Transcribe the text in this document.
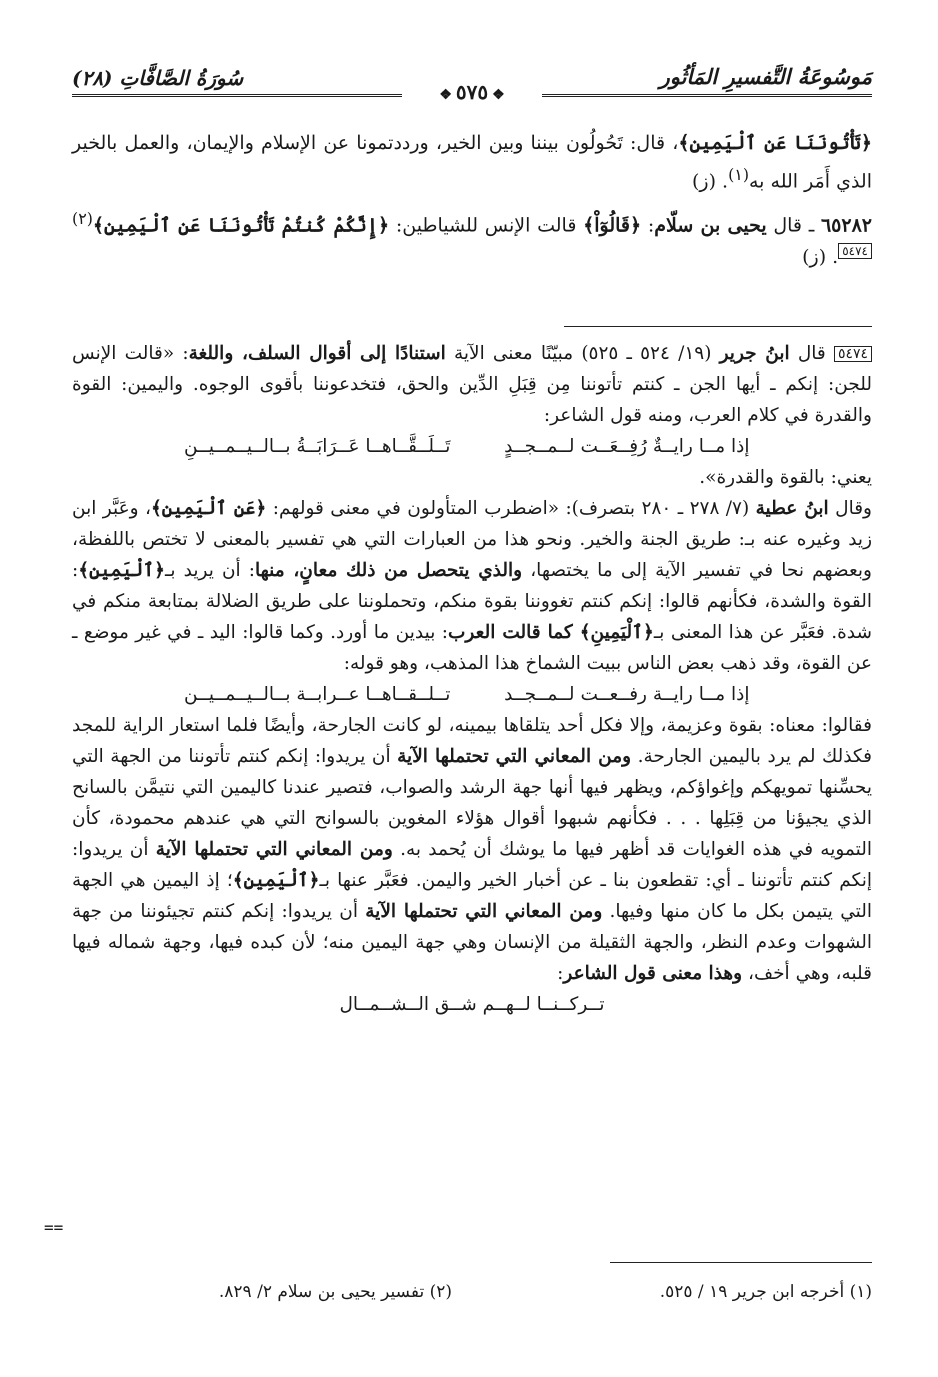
مَوسُوعَةُ التَّفسيرِ المَأثُور
❖٥٧٥❖
سُورَةُ الصَّافَّاتِ (٢٨)

﴿تَأْتُونَنَا عَنِ ٱلْيَمِينِ﴾، قال: تَحُولُون بيننا وبين الخير، ورددتمونا عن الإسلام والإيمان، والعمل بالخير الذي أَمَر الله به$^{(١)}$. (ز)

٦٥٢٨٢ ـ قال يحيى بن سلّام: ﴿قَالُوٓاْ﴾ قالت الإنس للشياطين: ﴿إِنَّكُمْ كُنتُمْ تَأْتُونَنَا عَنِ ٱلْيَمِينِ﴾$^{(٢)}$٥٤٧٤. (ز)

٥٤٧٤ قال ابنُ جرير (١٩/ ٥٢٤ ـ ٥٢٥) مبيّنًا معنى الآية استنادًا إلى أقوال السلف، واللغة: «قالت الإنس للجن: إنكم ـ أيها الجن ـ كنتم تأتوننا مِن قِبَلِ الدِّين والحق، فتخدعوننا بأقوى الوجوه. واليمين: القوة والقدرة في كلام العرب، ومنه قول الشاعر:

إذا مــا رايــةٌ رُفِــعَــت لــمــجــدٍتَــلَــقَّــاهــا عَــرَابَــةُ بــالــيــمــيــنِ

يعني: بالقوة والقدرة».

وقال ابنُ عطية (٧/ ٢٧٨ ـ ٢٨٠ بتصرف): «اضطرب المتأولون في معنى قولهم: ﴿عَنِ ٱلْيَمِينِ﴾، وعَبَّر ابن زيد وغيره عنه بـ: طريق الجنة والخير. ونحو هذا من العبارات التي هي تفسير بالمعنى لا تختص باللفظة، وبعضهم نحا في تفسير الآية إلى ما يختصها، والذي يتحصل من ذلك معانٍ، منها: أن يريد بـ﴿ٱلْيَمِينِ﴾: القوة والشدة، فكأنهم قالوا: إنكم كنتم تغووننا بقوة منكم، وتحملوننا على طريق الضلالة بمتابعة منكم في شدة. فعَبَّر عن هذا المعنى بـ﴿ٱلْيَمِينِ﴾ كما قالت العرب: بيدين ما أورد. وكما قالوا: اليد ـ في غير موضع ـ عن القوة، وقد ذهب بعض الناس ببيت الشماخ هذا المذهب، وهو قوله:

إذا مــا رايــة رفــعــت لــمــجــدتــلــقــاهــا عــرابــة بــالــيــمــيــن

فقالوا: معناه: بقوة وعزيمة، وإلا فكل أحد يتلقاها بيمينه، لو كانت الجارحة، وأيضًا فلما استعار الراية للمجد فكذلك لم يرد باليمين الجارحة. ومن المعاني التي تحتملها الآية أن يريدوا: إنكم كنتم تأتوننا من الجهة التي يحسِّنها تمويهكم وإغواؤكم، ويظهر فيها أنها جهة الرشد والصواب، فتصير عندنا كاليمين التي نتيمَّن بالسانح الذي يجيؤنا من قِبَلِها . . . فكأنهم شبهوا أقوال هؤلاء المغوين بالسوانح التي هي عندهم محمودة، كأن التمويه في هذه الغوايات قد أظهر فيها ما يوشك أن يُحمد به. ومن المعاني التي تحتملها الآية أن يريدوا: إنكم كنتم تأتوننا ـ أي: تقطعون بنا ـ عن أخبار الخير واليمن. فعَبَّر عنها بـ﴿ٱلْيَمِينِ﴾؛ إذ اليمين هي الجهة التي يتيمن بكل ما كان منها وفيها. ومن المعاني التي تحتملها الآية أن يريدوا: إنكم كنتم تجيئوننا من جهة الشهوات وعدم النظر، والجهة الثقيلة من الإنسان وهي جهة اليمين منه؛ لأن كبده فيها، وجهة شماله فيها قلبه، وهي أخف، وهذا معنى قول الشاعر:

تــركــنــا لــهــم شــق الــشــمــال

==
(١) أخرجه ابن جرير ١٩ / ٥٢٥.
(٢) تفسير يحيى بن سلام ٢/ ٨٢٩.
